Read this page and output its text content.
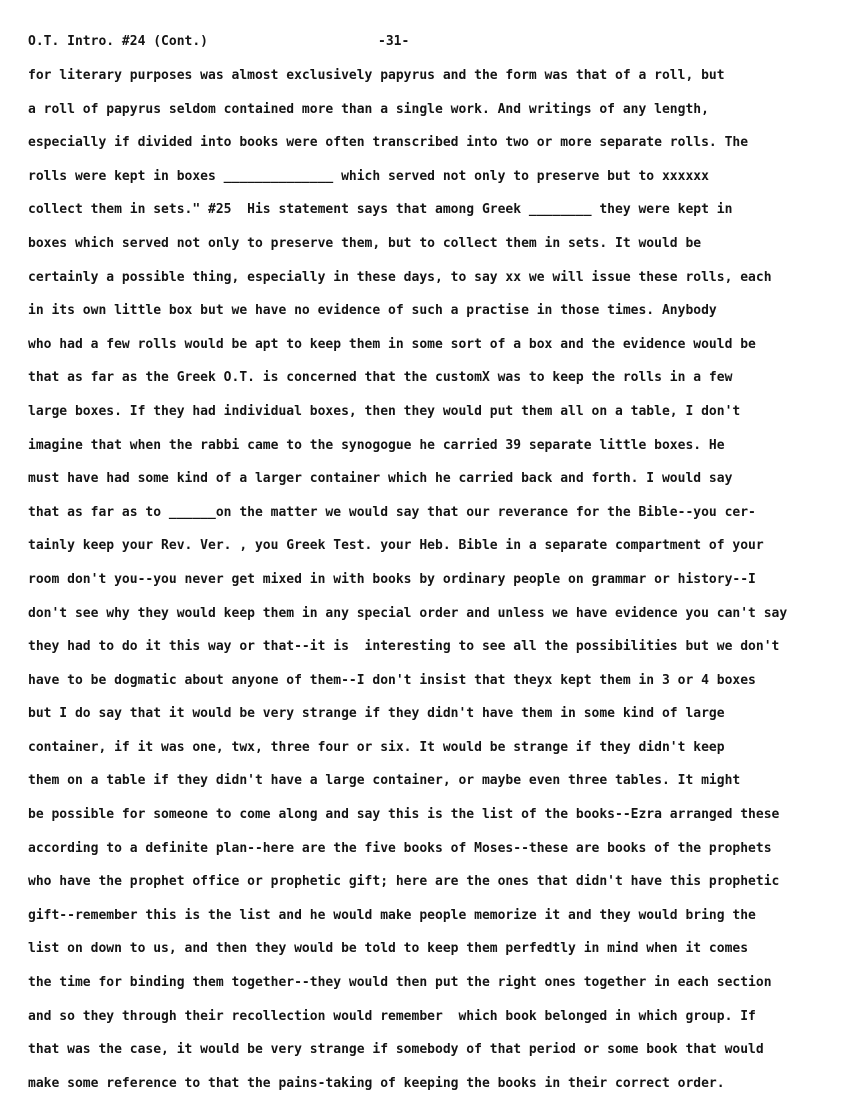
O.T. Intro. #24 (Cont.)	-31-
for literary purposes was almost exclusively papyrus and the form was that of a roll, but
a roll of papyrus seldom contained more than a single work. And writings of any length,
especially if divided into books were often transcribed into two or more separate rolls. The
rolls were kept in boxes ______________ which served not only to preserve but to xxxxxx
collect them in sets." #25  His statement says that among Greek ________ they were kept in
boxes which served not only to preserve them, but to collect them in sets. It would be
certainly a possible thing, especially in these days, to say xx we will issue these rolls, each
in its own little box but we have no evidence of such a practise in those times. Anybody
who had a few rolls would be apt to keep them in some sort of a box and the evidence would be
that as far as the Greek O.T. is concerned that the customX was to keep the rolls in a few
large boxes. If they had individual boxes, then they would put them all on a table, I don't
imagine that when the rabbi came to the synogogue he carried 39 separate little boxes. He
must have had some kind of a larger container which he carried back and forth. I would say
that as far as to ______on the matter we would say that our reverance for the Bible--you cer-
tainly keep your Rev. Ver. , you Greek Test. your Heb. Bible in a separate compartment of your
room don't you--you never get mixed in with books by ordinary people on grammar or history--I
don't see why they would keep them in any special order and unless we have evidence you can't say
they had to do it this way or that--it is  interesting to see all the possibilities but we don't
have to be dogmatic about anyone of them--I don't insist that theyx kept them in 3 or 4 boxes
but I do say that it would be very strange if they didn't have them in some kind of large
container, if it was one, twx, three four or six. It would be strange if they didn't keep
them on a table if they didn't have a large container, or maybe even three tables. It might
be possible for someone to come along and say this is the list of the books--Ezra arranged these
according to a definite plan--here are the five books of Moses--these are books of the prophets
who have the prophet office or prophetic gift; here are the ones that didn't have this prophetic
gift--remember this is the list and he would make people memorize it and they would bring the
list on down to us, and then they would be told to keep them perfedtly in mind when it comes
the time for binding them together--they would then put the right ones together in each section
and so they through their recollection would remember  which book belonged in which group. If
that was the case, it would be very strange if somebody of that period or some book that would
make some reference to that the pains-taking of keeping the books in their correct order.
